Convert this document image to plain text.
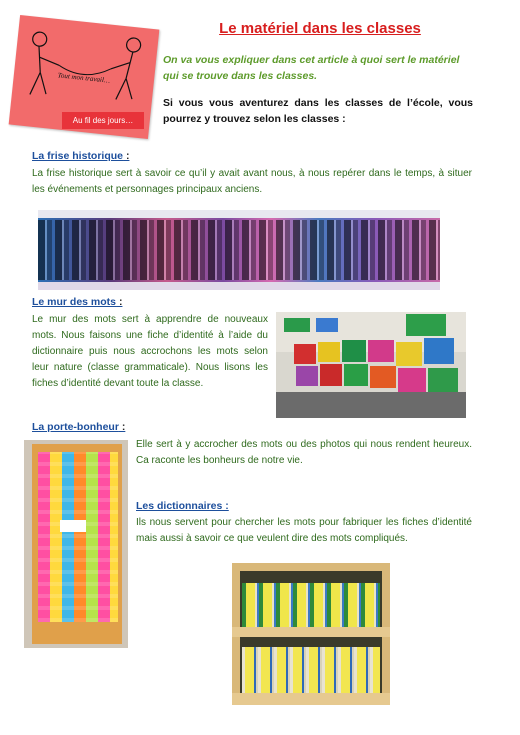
Le matériel dans les classes
Tout mon travail…
Au fil des jours…
On va vous expliquer dans cet article à quoi sert le matériel qui se trouve dans les classes.
Si vous vous aventurez dans les classes de l’école, vous pourrez y trouvez selon les classes :
La frise historique :
La frise historique sert à savoir ce qu’il y avait avant nous, à nous repérer dans le temps, à situer les événements et personnages principaux anciens.
Le mur des mots :
Le mur des mots sert à apprendre de nouveaux mots. Nous faisons une fiche d’identité à l’aide du dictionnaire puis nous accrochons les mots selon leur nature (classe grammaticale). Nous lisons les fiches d’identité devant toute la classe.
La porte-bonheur :
Elle sert à y accrocher des mots ou des photos qui nous rendent heureux. Ca raconte les bonheurs de notre vie.
Les dictionnaires :
Ils nous servent pour chercher les mots pour fabriquer les fiches d’identité mais aussi à savoir ce que veulent dire des mots compliqués.
